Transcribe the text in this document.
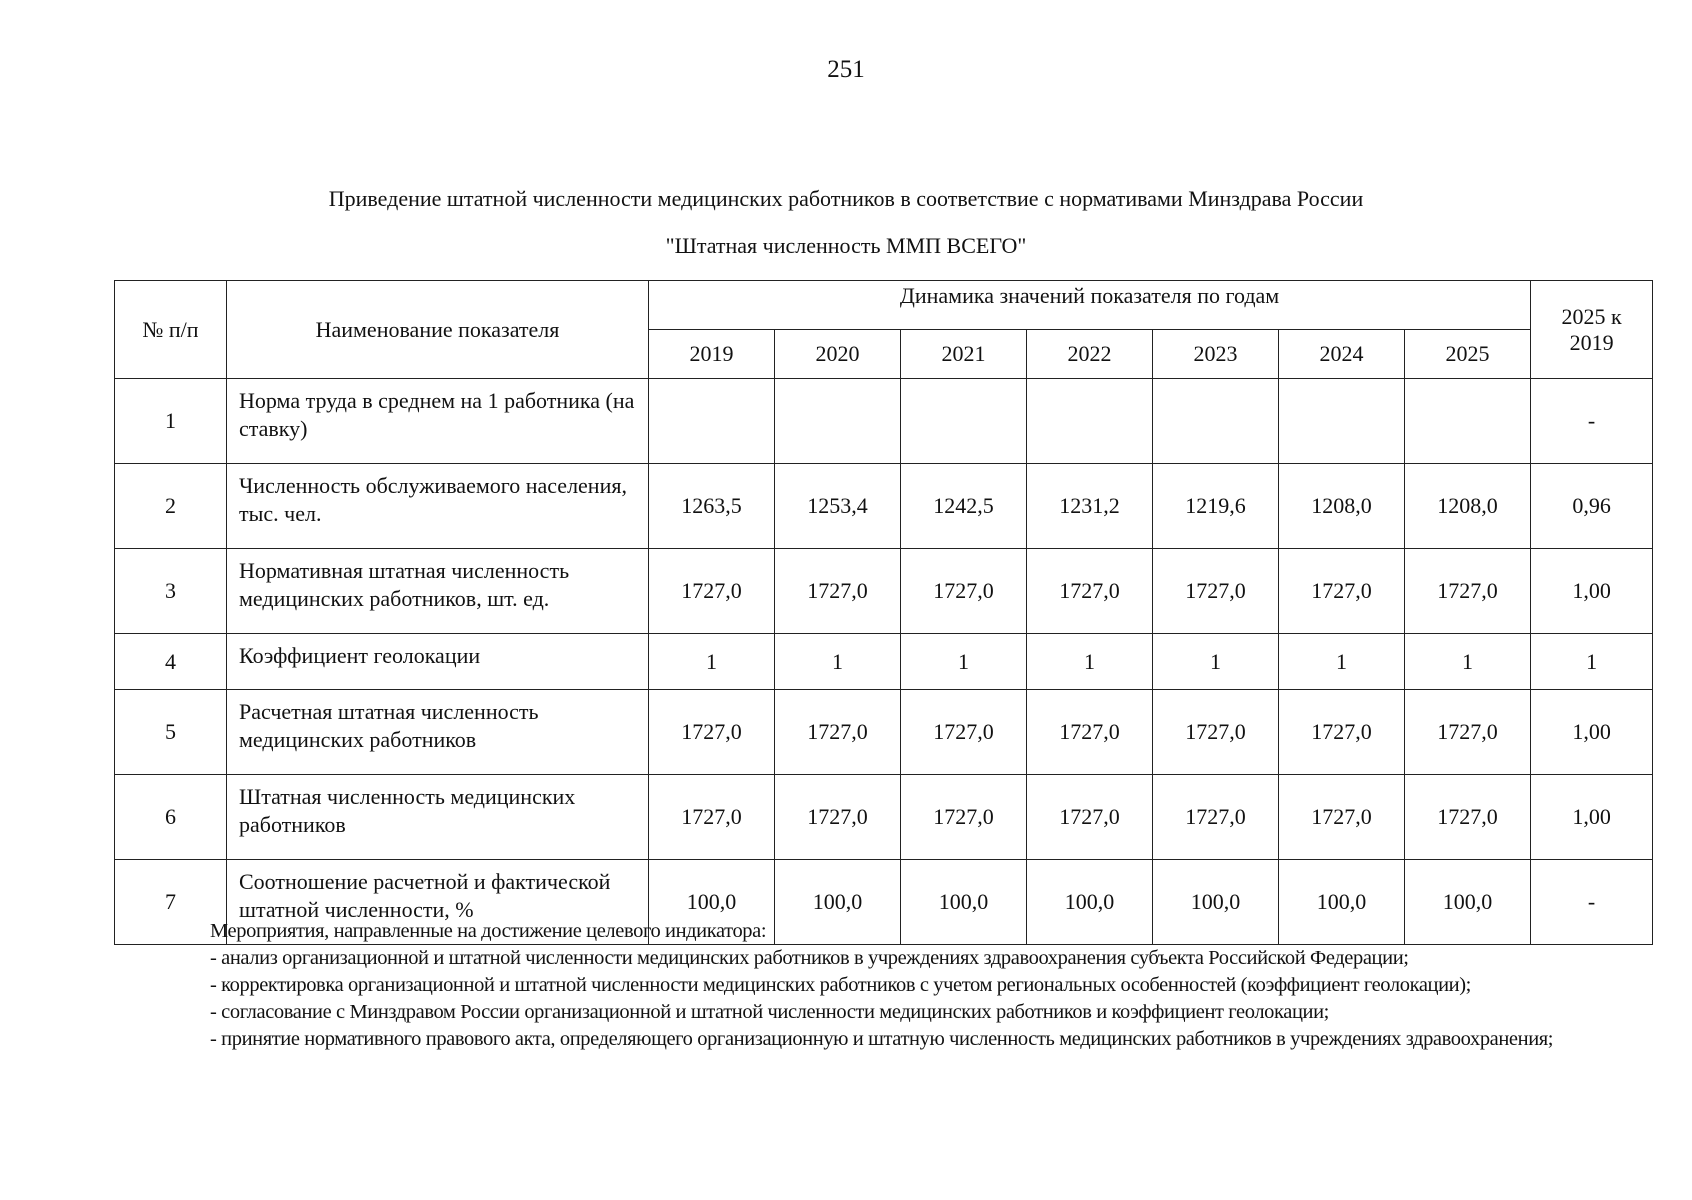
251
Приведение штатной численности медицинских работников в соответствие с нормативами Минздрава России
"Штатная численность ММП ВСЕГО"
№ п/п	Наименование показателя	Динамика значений показателя по годам							2025 к 2019
		2019	2020	2021	2022	2023	2024	2025	
1	Норма труда в среднем на 1 работника (на ставку)								-
2	Численность обслуживаемого населения, тыс. чел.	1263,5	1253,4	1242,5	1231,2	1219,6	1208,0	1208,0	0,96
3	Нормативная штатная численность медицинских работников, шт. ед.	1727,0	1727,0	1727,0	1727,0	1727,0	1727,0	1727,0	1,00
4	Коэффициент геолокации	1	1	1	1	1	1	1	1
5	Расчетная штатная численность медицинских работников	1727,0	1727,0	1727,0	1727,0	1727,0	1727,0	1727,0	1,00
6	Штатная численность медицинских работников	1727,0	1727,0	1727,0	1727,0	1727,0	1727,0	1727,0	1,00
7	Соотношение расчетной и фактической штатной численности, %	100,0	100,0	100,0	100,0	100,0	100,0	100,0	-

Мероприятия, направленные на достижение целевого индикатора:

- анализ организационной и штатной численности медицинских работников в учреждениях здравоохранения субъекта Российской Федерации;

- корректировка организационной и штатной численности медицинских работников с учетом региональных особенностей (коэффициент геолокации);

- согласование с Минздравом России организационной и штатной численности медицинских работников и коэффициент геолокации;

- принятие нормативного правового акта, определяющего организационную и штатную численность медицинских работников в учреждениях здравоохранения;
